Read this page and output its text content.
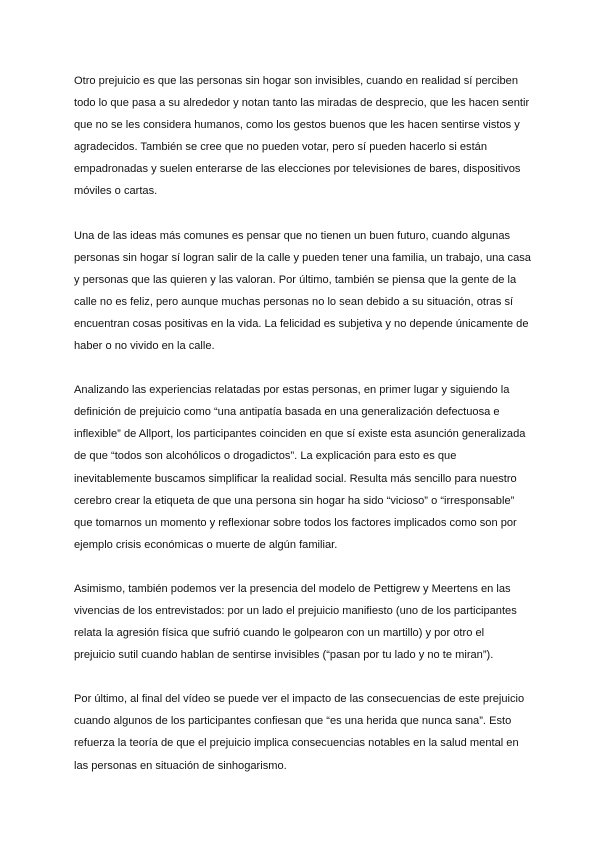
Otro prejuicio es que las personas sin hogar son invisibles, cuando en realidad sí perciben
todo lo que pasa a su alrededor y notan tanto las miradas de desprecio, que les hacen sentir
que no se les considera humanos, como los gestos buenos que les hacen sentirse vistos y
agradecidos. También se cree que no pueden votar, pero sí pueden hacerlo si están
empadronadas y suelen enterarse de las elecciones por televisiones de bares, dispositivos
móviles o cartas.

Una de las ideas más comunes es pensar que no tienen un buen futuro, cuando algunas
personas sin hogar sí logran salir de la calle y pueden tener una familia, un trabajo, una casa
y personas que las quieren y las valoran. Por último, también se piensa que la gente de la
calle no es feliz, pero aunque muchas personas no lo sean debido a su situación, otras sí
encuentran cosas positivas en la vida. La felicidad es subjetiva y no depende únicamente de
haber o no vivido en la calle.

Analizando las experiencias relatadas por estas personas, en primer lugar y siguiendo la
definición de prejuicio como “una antipatía basada en una generalización defectuosa e
inflexible” de Allport, los participantes coinciden en que sí existe esta asunción generalizada
de que “todos son alcohólicos o drogadictos”. La explicación para esto es que
inevitablemente buscamos simplificar la realidad social. Resulta más sencillo para nuestro
cerebro crear la etiqueta de que una persona sin hogar ha sido “vicioso” o “irresponsable”
que tomarnos un momento y reflexionar sobre todos los factores implicados como son por
ejemplo crisis económicas o muerte de algún familiar.

Asimismo, también podemos ver la presencia del modelo de Pettigrew y Meertens en las
vivencias de los entrevistados: por un lado el prejuicio manifiesto (uno de los participantes
relata la agresión física que sufrió cuando le golpearon con un martillo) y por otro el
prejuicio sutil cuando hablan de sentirse invisibles (“pasan por tu lado y no te miran”).

Por último, al final del vídeo se puede ver el impacto de las consecuencias de este prejuicio
cuando algunos de los participantes confiesan que “es una herida que nunca sana”. Esto
refuerza la teoría de que el prejuicio implica consecuencias notables en la salud mental en
las personas en situación de sinhogarismo.
